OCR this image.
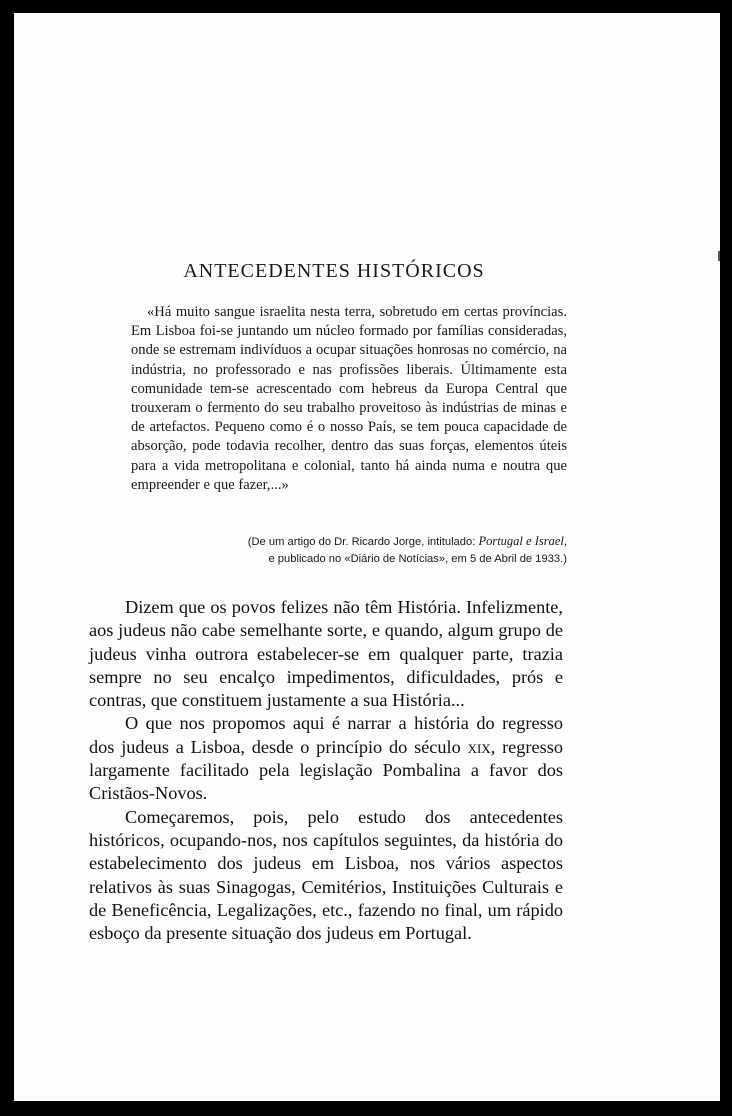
ANTECEDENTES HISTÓRICOS

«Há muito sangue israelita nesta terra, sobretudo em certas províncias. Em Lisboa foi-se juntando um núcleo formado por famílias consideradas, onde se estremam indivíduos a ocupar situações honrosas no comércio, na indústria, no professorado e nas profissões liberais. Últimamente esta comunidade tem-se acrescentado com hebreus da Europa Central que trouxeram o fermento do seu trabalho proveitoso às indústrias de minas e de artefactos. Pequeno como é o nosso País, se tem pouca capacidade de absorção, pode todavia recolher, dentro das suas forças, elementos úteis para a vida metropolitana e colonial, tanto há ainda numa e noutra que empreender e que fazer,...»

(De um artigo do Dr. Ricardo Jorge, intitulado: Portugal e Israel,
e publicado no «Diário de Notícias», em 5 de Abril de 1933.)

Dizem que os povos felizes não têm História. Infelizmente, aos judeus não cabe semelhante sorte, e quando, algum grupo de judeus vinha outrora estabelecer-se em qualquer parte, trazia sempre no seu encalço impedimentos, dificuldades, prós e contras, que constituem justamente a sua História...

O que nos propomos aqui é narrar a história do regresso dos judeus a Lisboa, desde o princípio do século xix, regresso largamente facilitado pela legislação Pombalina a favor dos Cristãos-Novos.

Começaremos, pois, pelo estudo dos antecedentes históricos, ocupando-nos, nos capítulos seguintes, da história do estabelecimento dos judeus em Lisboa, nos vários aspectos relativos às suas Sinagogas, Cemitérios, Instituições Culturais e de Beneficência, Legalizações, etc., fazendo no final, um rápido esboço da presente situação dos judeus em Portugal.
